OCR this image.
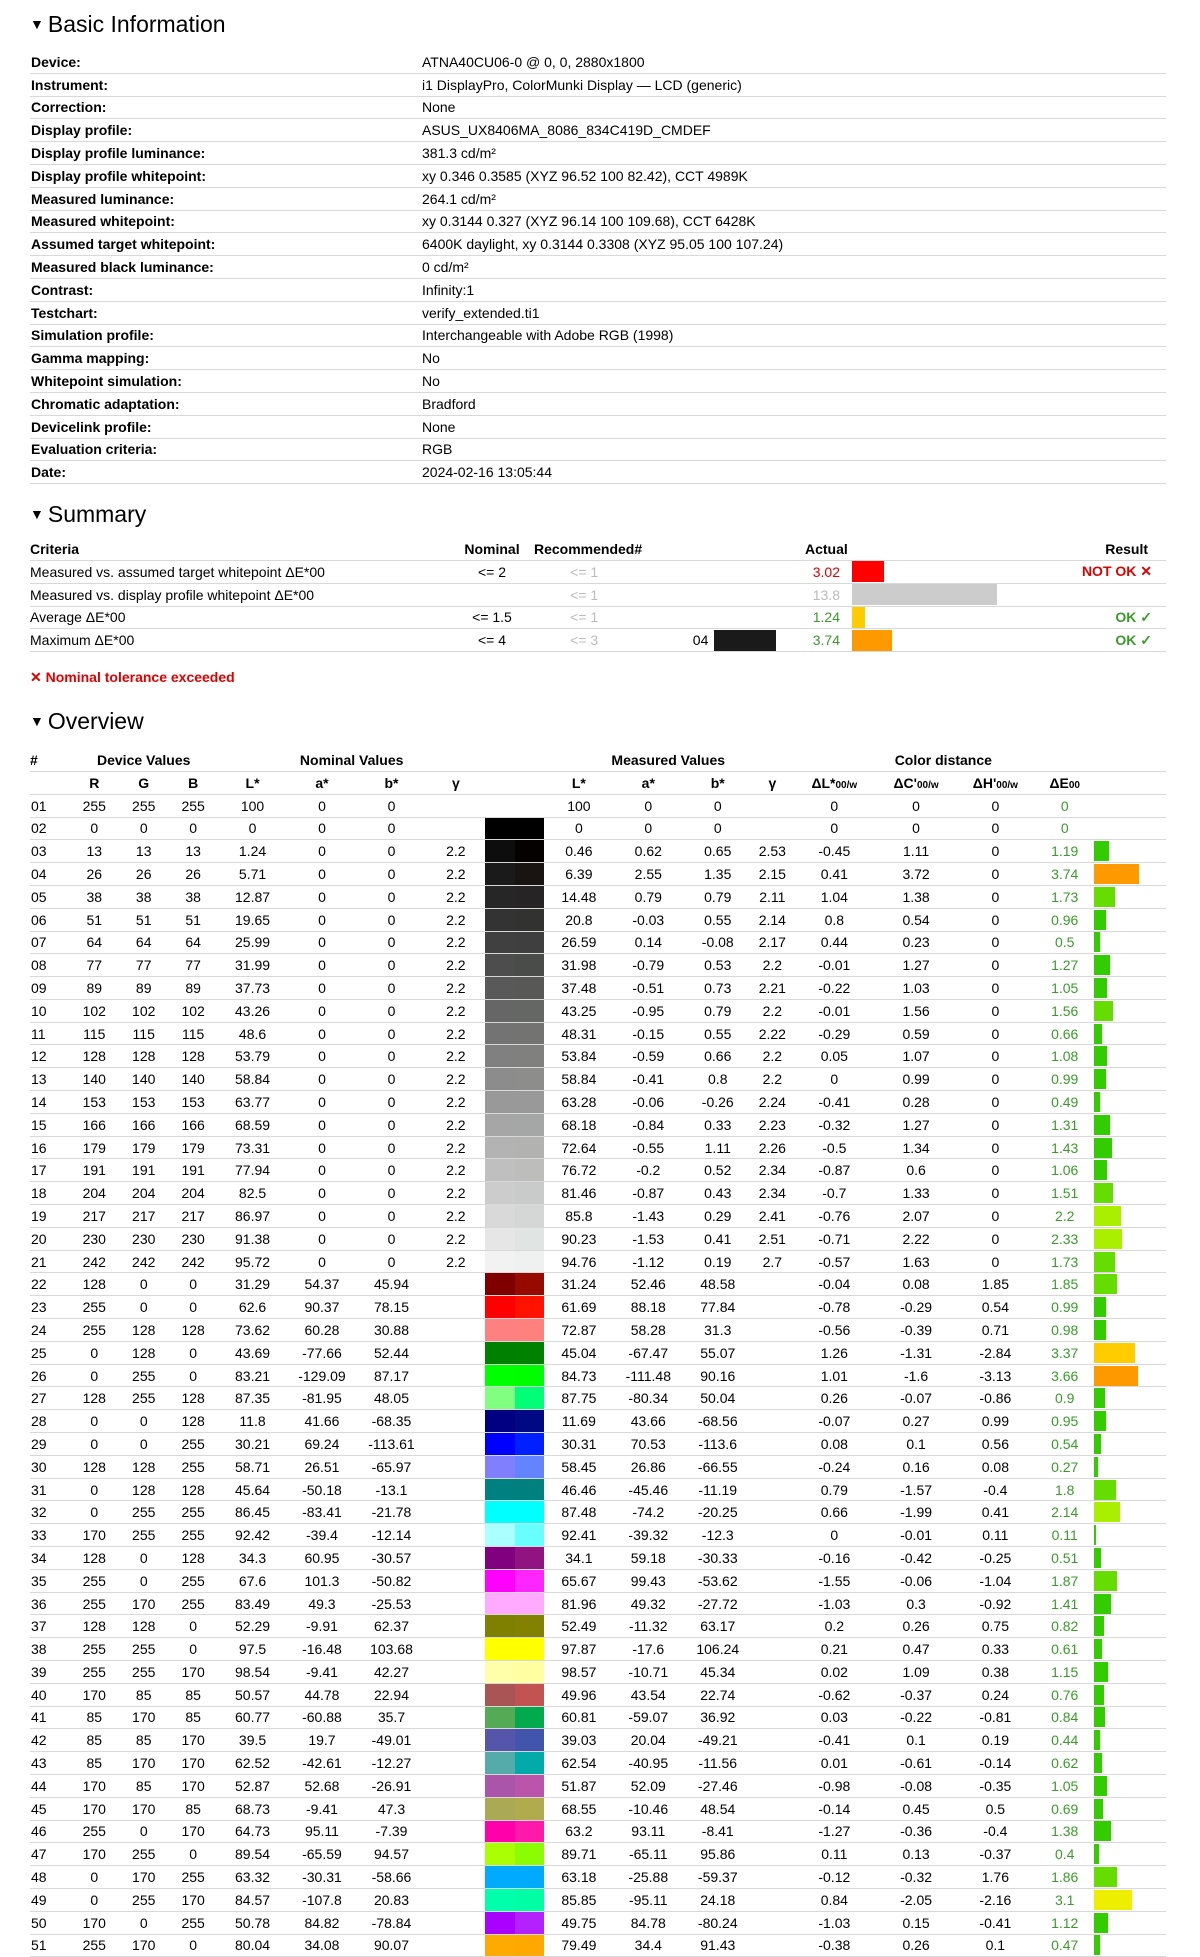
▼ Basic Information
Device:	ATNA40CU06-0 @ 0, 0, 2880x1800
Instrument:	i1 DisplayPro, ColorMunki Display — LCD (generic)
Correction:	None
Display profile:	ASUS_UX8406MA_8086_834C419D_CMDEF
Display profile luminance:	381.3 cd/m²
Display profile whitepoint:	xy 0.346 0.3585 (XYZ 96.52 100 82.42), CCT 4989K
Measured luminance:	264.1 cd/m²
Measured whitepoint:	xy 0.3144 0.327 (XYZ 96.14 100 109.68), CCT 6428K
Assumed target whitepoint:	6400K daylight, xy 0.3144 0.3308 (XYZ 95.05 100 107.24)
Measured black luminance:	0 cd/m²
Contrast:	Infinity:1
Testchart:	verify_extended.ti1
Simulation profile:	Interchangeable with Adobe RGB (1998)
Gamma mapping:	No
Whitepoint simulation:	No
Chromatic adaptation:	Bradford
Devicelink profile:	None
Evaluation criteria:	RGB
Date:	2024-02-16 13:05:44
▼ Summary
Criteria	Nominal	Recommended	#		Actual		Result
Measured vs. assumed target whitepoint ΔE*00	<= 2	<= 1			3.02		NOT OK ✕
Measured vs. display profile whitepoint ΔE*00		<= 1			13.8	

Average ΔE*00	<= 1.5	<= 1			1.24		OK ✓
Maximum ΔE*00	<= 4	<= 3	04		3.74		OK ✓
✕ Nominal tolerance exceeded
▼ Overview
#	Device Values			Nominal Values					Measured Values				Color distance				
	R	G	B	L*	a*	b*	γ		L*	a*	b*	γ	ΔL*00/w	ΔC'00/w	ΔH'00/w	ΔE00	
01	255	255	255	100	0	0			100	0	0		0	0	0	0	
02	0	0	0	0	0	0			0	0	0		0	0	0	0	
03	13	13	13	1.24	0	0	2.2		0.46	0.62	0.65	2.53	-0.45	1.11	0	1.19	

04	26	26	26	5.71	0	0	2.2		6.39	2.55	1.35	2.15	0.41	3.72	0	3.74	

05	38	38	38	12.87	0	0	2.2		14.48	0.79	0.79	2.11	1.04	1.38	0	1.73	

06	51	51	51	19.65	0	0	2.2		20.8	-0.03	0.55	2.14	0.8	0.54	0	0.96	

07	64	64	64	25.99	0	0	2.2		26.59	0.14	-0.08	2.17	0.44	0.23	0	0.5	

08	77	77	77	31.99	0	0	2.2		31.98	-0.79	0.53	2.2	-0.01	1.27	0	1.27	

09	89	89	89	37.73	0	0	2.2		37.48	-0.51	0.73	2.21	-0.22	1.03	0	1.05	

10	102	102	102	43.26	0	0	2.2		43.25	-0.95	0.79	2.2	-0.01	1.56	0	1.56	

11	115	115	115	48.6	0	0	2.2		48.31	-0.15	0.55	2.22	-0.29	0.59	0	0.66	

12	128	128	128	53.79	0	0	2.2		53.84	-0.59	0.66	2.2	0.05	1.07	0	1.08	

13	140	140	140	58.84	0	0	2.2		58.84	-0.41	0.8	2.2	0	0.99	0	0.99	

14	153	153	153	63.77	0	0	2.2		63.28	-0.06	-0.26	2.24	-0.41	0.28	0	0.49	

15	166	166	166	68.59	0	0	2.2		68.18	-0.84	0.33	2.23	-0.32	1.27	0	1.31	

16	179	179	179	73.31	0	0	2.2		72.64	-0.55	1.11	2.26	-0.5	1.34	0	1.43	

17	191	191	191	77.94	0	0	2.2		76.72	-0.2	0.52	2.34	-0.87	0.6	0	1.06	

18	204	204	204	82.5	0	0	2.2		81.46	-0.87	0.43	2.34	-0.7	1.33	0	1.51	

19	217	217	217	86.97	0	0	2.2		85.8	-1.43	0.29	2.41	-0.76	2.07	0	2.2	

20	230	230	230	91.38	0	0	2.2		90.23	-1.53	0.41	2.51	-0.71	2.22	0	2.33	

21	242	242	242	95.72	0	0	2.2		94.76	-1.12	0.19	2.7	-0.57	1.63	0	1.73	

22	128	0	0	31.29	54.37	45.94			31.24	52.46	48.58		-0.04	0.08	1.85	1.85	

23	255	0	0	62.6	90.37	78.15			61.69	88.18	77.84		-0.78	-0.29	0.54	0.99	

24	255	128	128	73.62	60.28	30.88			72.87	58.28	31.3		-0.56	-0.39	0.71	0.98	

25	0	128	0	43.69	-77.66	52.44			45.04	-67.47	55.07		1.26	-1.31	-2.84	3.37	

26	0	255	0	83.21	-129.09	87.17			84.73	-111.48	90.16		1.01	-1.6	-3.13	3.66	

27	128	255	128	87.35	-81.95	48.05			87.75	-80.34	50.04		0.26	-0.07	-0.86	0.9	

28	0	0	128	11.8	41.66	-68.35			11.69	43.66	-68.56		-0.07	0.27	0.99	0.95	

29	0	0	255	30.21	69.24	-113.61			30.31	70.53	-113.6		0.08	0.1	0.56	0.54	

30	128	128	255	58.71	26.51	-65.97			58.45	26.86	-66.55		-0.24	0.16	0.08	0.27	

31	0	128	128	45.64	-50.18	-13.1			46.46	-45.46	-11.19		0.79	-1.57	-0.4	1.8	

32	0	255	255	86.45	-83.41	-21.78			87.48	-74.2	-20.25		0.66	-1.99	0.41	2.14	

33	170	255	255	92.42	-39.4	-12.14			92.41	-39.32	-12.3		0	-0.01	0.11	0.11	

34	128	0	128	34.3	60.95	-30.57			34.1	59.18	-30.33		-0.16	-0.42	-0.25	0.51	

35	255	0	255	67.6	101.3	-50.82			65.67	99.43	-53.62		-1.55	-0.06	-1.04	1.87	

36	255	170	255	83.49	49.3	-25.53			81.96	49.32	-27.72		-1.03	0.3	-0.92	1.41	

37	128	128	0	52.29	-9.91	62.37			52.49	-11.32	63.17		0.2	0.26	0.75	0.82	

38	255	255	0	97.5	-16.48	103.68			97.87	-17.6	106.24		0.21	0.47	0.33	0.61	

39	255	255	170	98.54	-9.41	42.27			98.57	-10.71	45.34		0.02	1.09	0.38	1.15	

40	170	85	85	50.57	44.78	22.94			49.96	43.54	22.74		-0.62	-0.37	0.24	0.76	

41	85	170	85	60.77	-60.88	35.7			60.81	-59.07	36.92		0.03	-0.22	-0.81	0.84	

42	85	85	170	39.5	19.7	-49.01			39.03	20.04	-49.21		-0.41	0.1	0.19	0.44	

43	85	170	170	62.52	-42.61	-12.27			62.54	-40.95	-11.56		0.01	-0.61	-0.14	0.62	

44	170	85	170	52.87	52.68	-26.91			51.87	52.09	-27.46		-0.98	-0.08	-0.35	1.05	

45	170	170	85	68.73	-9.41	47.3			68.55	-10.46	48.54		-0.14	0.45	0.5	0.69	

46	255	0	170	64.73	95.11	-7.39			63.2	93.11	-8.41		-1.27	-0.36	-0.4	1.38	

47	170	255	0	89.54	-65.59	94.57			89.71	-65.11	95.86		0.11	0.13	-0.37	0.4	

48	0	170	255	63.32	-30.31	-58.66			63.18	-25.88	-59.37		-0.12	-0.32	1.76	1.86	

49	0	255	170	84.57	-107.8	20.83			85.85	-95.11	24.18		0.84	-2.05	-2.16	3.1	

50	170	0	255	50.78	84.82	-78.84			49.75	84.78	-80.24		-1.03	0.15	-0.41	1.12	

51	255	170	0	80.04	34.08	90.07			79.49	34.4	91.43		-0.38	0.26	0.1	0.47	
